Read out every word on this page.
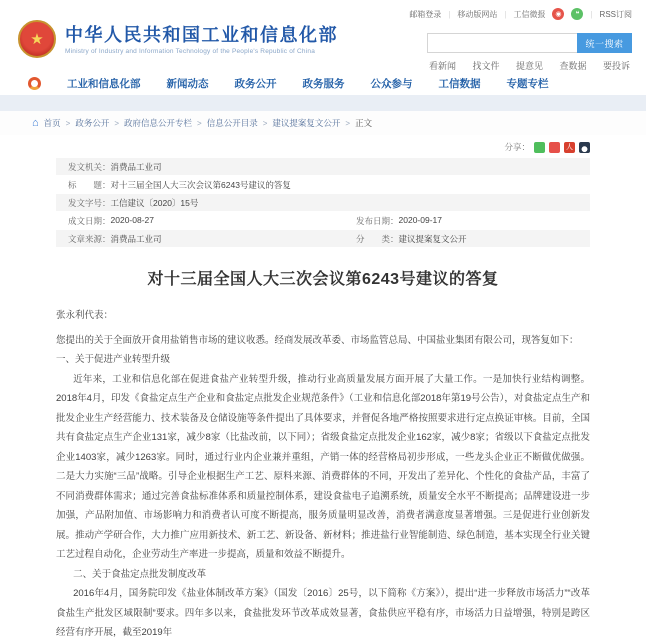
★	中华人民共和国工业和信息化部
Ministry of Industry and Information Technology of the People's Republic of China
邮箱登录 | 移动版网站 | 工信微报	◉	❝	| RSS订阅
统一搜索
看新闻 找文件 提意见 查数据 要投诉
工业和信息化部 新闻动态 政务公开 政务服务 公众参与 工信数据 专题专栏
⌂ 首页 > 政务公开 > 政府信息公开专栏 > 信息公开目录 > 建议提案复文公开 > 正文
分享：	人
发文机关： 消费品工业司
标　　题： 对十三届全国人大三次会议第6243号建议的答复
发文字号： 工信建议〔2020〕15号
成文日期： 2020-08-27	发布日期： 2020-09-17
文章来源： 消费品工业司	分　　类： 建议提案复文公开
对十三届全国人大三次会议第6243号建议的答复

张永利代表：

您提出的关于全面放开食用盐销售市场的建议收悉。经商发展改革委、市场监管总局、中国盐业集团有限公司，现答复如下：

一、关于促进产业转型升级

近年来，工业和信息化部在促进食盐产业转型升级，推动行业高质量发展方面开展了大量工作。一是加快行业结构调整。2018年4月，印发《食盐定点生产企业和食盐定点批发企业规范条件》（工业和信息化部2018年第19号公告），对食盐定点生产和批发企业生产经营能力、技术装备及仓储设施等条件提出了具体要求，并督促各地严格按照要求进行定点换证审核。目前，全国共有食盐定点生产企业131家，减少8家（比盐改前，以下同）；省级食盐定点批发企业162家，减少8家；省级以下食盐定点批发企业1403家，减少1263家。同时，通过行业内企业兼并重组，产销一体的经营格局初步形成，一些龙头企业正不断做优做强。二是大力实施“三品”战略。引导企业根据生产工艺、原料来源、消费群体的不同，开发出了差异化、个性化的食盐产品，丰富了不同消费群体需求；通过完善食盐标准体系和质量控制体系，建设食盐电子追溯系统，质量安全水平不断提高；品牌建设进一步加强，产品附加值、市场影响力和消费者认可度不断提高，服务质量明显改善，消费者满意度显著增强。三是促进行业创新发展。推动产学研合作，大力推广应用新技术、新工艺、新设备、新材料；推进盐行业智能制造、绿色制造，基本实现全行业关键工艺过程自动化，企业劳动生产率进一步提高，质量和效益不断提升。

二、关于食盐定点批发制度改革

2016年4月，国务院印发《盐业体制改革方案》（国发〔2016〕25号，以下简称《方案》），提出“进一步释放市场活力”“改革食盐生产批发区域限制”要求。四年多以来，食盐批发环节改革成效显著，食盐供应平稳有序，市场活力日益增强，特别是跨区经营有序开展，截至2019年
